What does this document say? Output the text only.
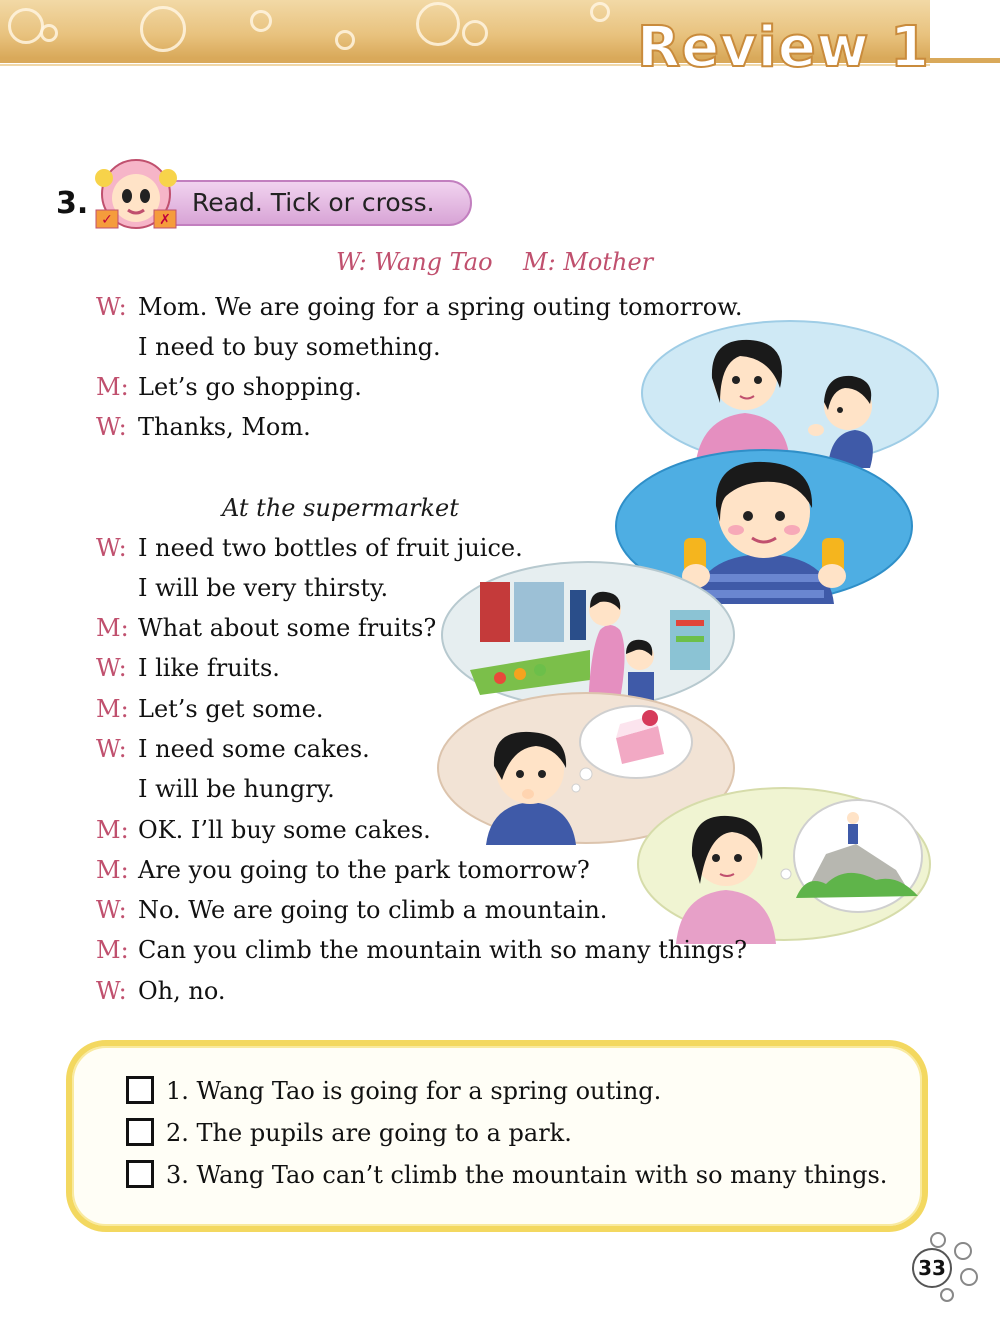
Review 1
3. ✓	✗
Read. Tick or cross.
W: Wang Tao    M: Mother
W: Mom. We are going for a spring outing tomorrow.
I need to buy something.
M: Let’s go shopping.
W: Thanks, Mom.
At the supermarket
W: I need two bottles of fruit juice.
I will be very thirsty.
M: What about some fruits?
W: I like fruits.
M: Let’s get some.
W: I need some cakes.
I will be hungry.
M: OK. I’ll buy some cakes.
M: Are you going to the park tomorrow?
W: No. We are going to climb a mountain.
M: Can you climb the mountain with so many things?
W: Oh, no.
1. Wang Tao is going for a spring outing.
2. The pupils are going to a park.
3. Wang Tao can’t climb the mountain with so many things.
33
